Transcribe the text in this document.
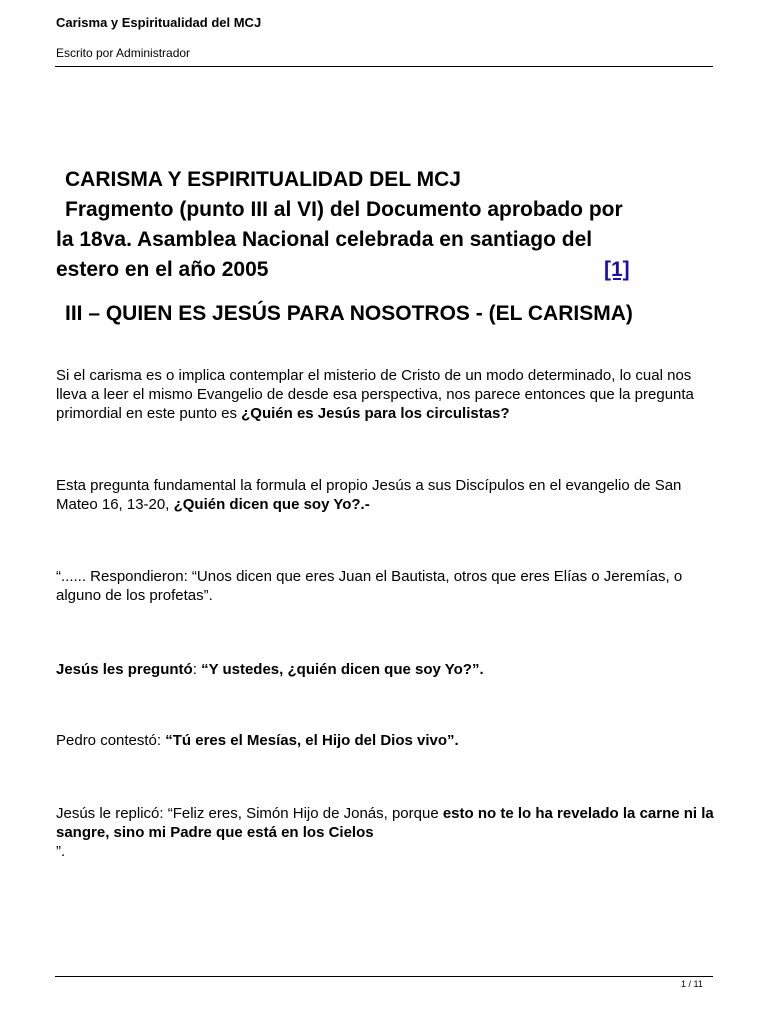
Carisma y Espiritualidad del MCJ
Escrito por Administrador
CARISMA Y ESPIRITUALIDAD DEL MCJ
Fragmento (punto III al VI) del Documento aprobado por
la 18va. Asamblea Nacional celebrada en santiago del
estero en el año 2005	[1]
III – QUIEN ES JESÚS PARA NOSOTROS - (EL CARISMA)
Si el carisma es o implica contemplar el misterio de Cristo de un modo determinado, lo cual nos lleva a leer el mismo Evangelio de desde esa perspectiva, nos parece entonces que la pregunta primordial en este punto es ¿Quién es Jesús para los circulistas?
Esta pregunta fundamental la formula el propio Jesús a sus Discípulos en el evangelio de San Mateo 16, 13-20, ¿Quién dicen que soy Yo?.-
“...... Respondieron: “Unos dicen que eres Juan el Bautista, otros que eres Elías o Jeremías, o alguno de los profetas”.
Jesús les preguntó: “Y ustedes, ¿quién dicen que soy Yo?”.
Pedro contestó: “Tú eres el Mesías, el Hijo del Dios vivo”.
Jesús le replicó: “Feliz eres, Simón Hijo de Jonás, porque esto no te lo ha revelado la carne ni la sangre, sino mi Padre que está en los Cielos
”.
1 / 11
